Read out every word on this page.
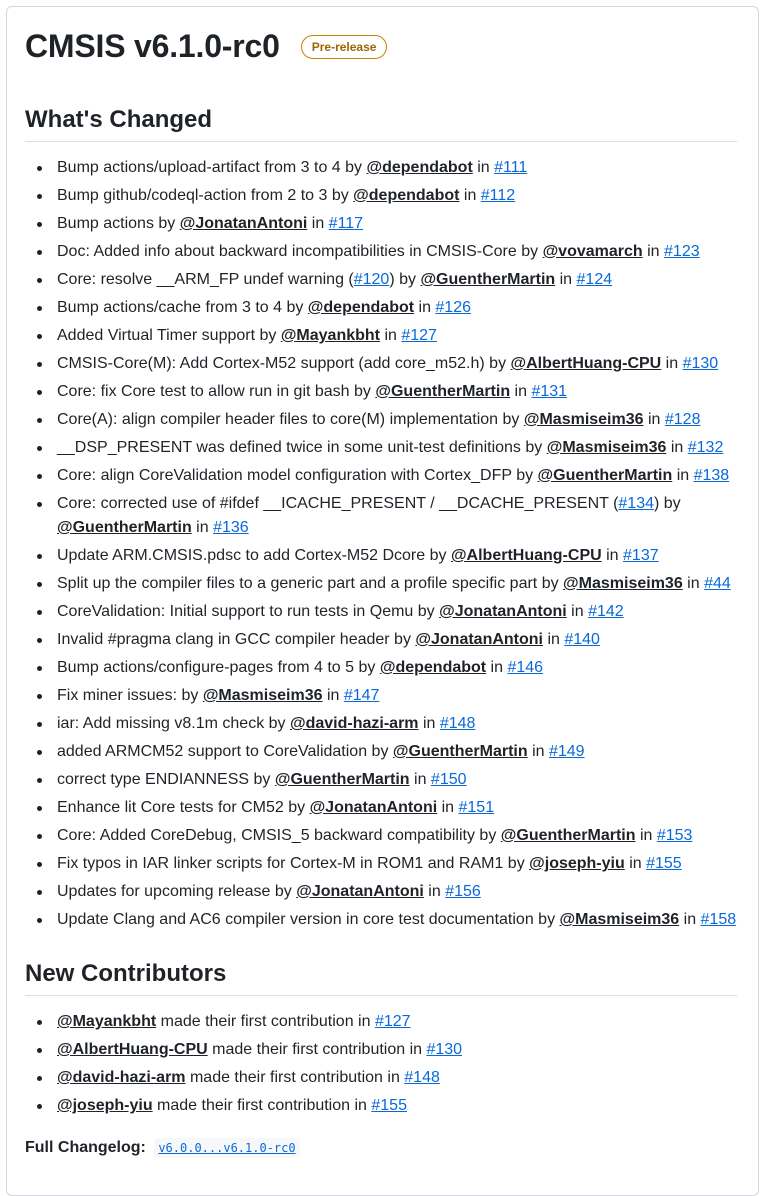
CMSIS v6.1.0-rc0	Pre-release
What's Changed
Bump actions/upload-artifact from 3 to 4 by @dependabot in #111
Bump github/codeql-action from 2 to 3 by @dependabot in #112
Bump actions by @JonatanAntoni in #117
Doc: Added info about backward incompatibilities in CMSIS-Core by @vovamarch in #123
Core: resolve __ARM_FP undef warning (#120) by @GuentherMartin in #124
Bump actions/cache from 3 to 4 by @dependabot in #126
Added Virtual Timer support by @Mayankbht in #127
CMSIS-Core(M): Add Cortex-M52 support (add core_m52.h) by @AlbertHuang-CPU in #130
Core: fix Core test to allow run in git bash by @GuentherMartin in #131
Core(A): align compiler header files to core(M) implementation by @Masmiseim36 in #128
__DSP_PRESENT was defined twice in some unit-test definitions by @Masmiseim36 in #132
Core: align CoreValidation model configuration with Cortex_DFP by @GuentherMartin in #138
Core: corrected use of #ifdef __ICACHE_PRESENT / __DCACHE_PRESENT (#134) by @GuentherMartin in #136
Update ARM.CMSIS.pdsc to add Cortex-M52 Dcore by @AlbertHuang-CPU in #137
Split up the compiler files to a generic part and a profile specific part by @Masmiseim36 in #44
CoreValidation: Initial support to run tests in Qemu by @JonatanAntoni in #142
Invalid #pragma clang in GCC compiler header by @JonatanAntoni in #140
Bump actions/configure-pages from 4 to 5 by @dependabot in #146
Fix miner issues: by @Masmiseim36 in #147
iar: Add missing v8.1m check by @david-hazi-arm in #148
added ARMCM52 support to CoreValidation by @GuentherMartin in #149
correct type ENDIANNESS by @GuentherMartin in #150
Enhance lit Core tests for CM52 by @JonatanAntoni in #151
Core: Added CoreDebug, CMSIS_5 backward compatibility by @GuentherMartin in #153
Fix typos in IAR linker scripts for Cortex-M in ROM1 and RAM1 by @joseph-yiu in #155
Updates for upcoming release by @JonatanAntoni in #156
Update Clang and AC6 compiler version in core test documentation by @Masmiseim36 in #158
New Contributors
@Mayankbht made their first contribution in #127
@AlbertHuang-CPU made their first contribution in #130
@david-hazi-arm made their first contribution in #148
@joseph-yiu made their first contribution in #155
Full Changelog: v6.0.0...v6.1.0-rc0
